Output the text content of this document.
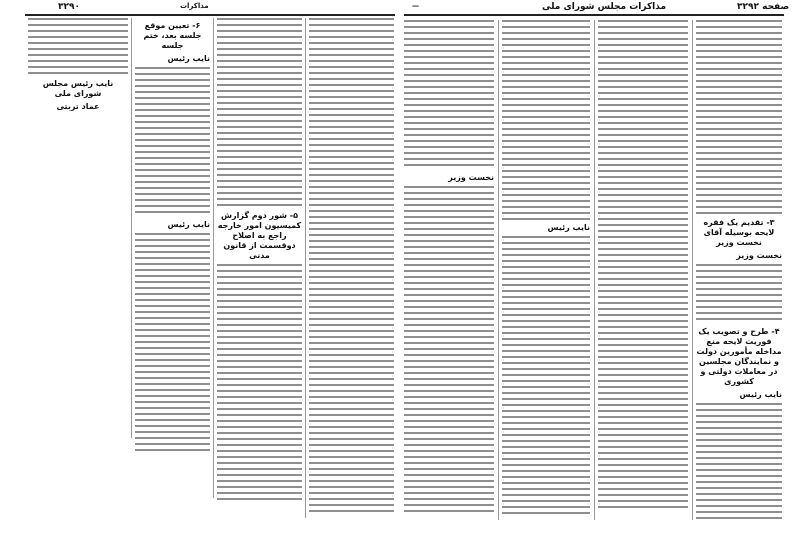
۳۲۹۰	مذاکرات
نایب رئیس مجلس شورای ملی
عماد تربتی
۶- تعیین موقع جلسه بعد، ختم جلسه
نایب رئیس
نایب رئیس
۵- شور دوم گزارش کمیسیون امور خارجه راجع به اصلاح دوقسمت از قانون مدنی
—	مذاکرات مجلس شورای ملی	صفحه ۳۲۹۲
نخست وزیر
نایب رئیس
۳- تقدیم یک فقره لایحه بوسیله آقای نخست وزیر
نخست وزیر
۴- طرح و تصویب یک فوریت لایحه منع مداخله مأمورین دولت و نمایندگان مجلسین در معاملات دولتی و کشوری
نایب رئیس
